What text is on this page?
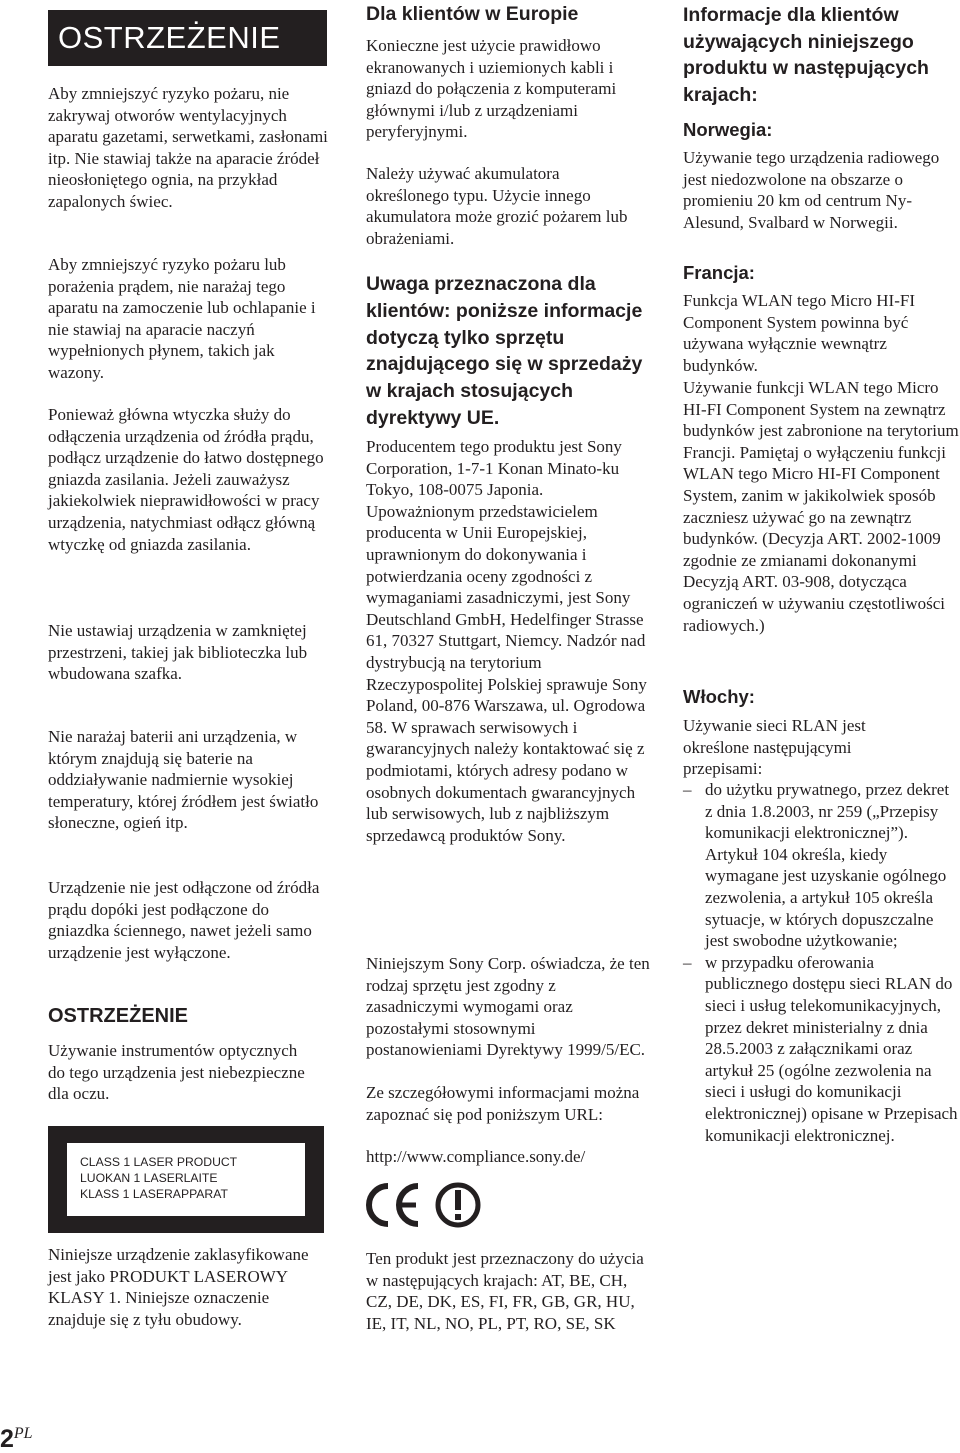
OSTRZEŻENIE

Aby zmniejszyć ryzyko pożaru, nie zakrywaj otworów wentylacyjnych aparatu gazetami, serwetkami, zasłonami itp. Nie stawiaj także na aparacie źródeł nieosłoniętego ognia, na przykład zapalonych świec.

Aby zmniejszyć ryzyko pożaru lub porażenia prądem, nie narażaj tego aparatu na zamoczenie lub ochlapanie i nie stawiaj na aparacie naczyń wypełnionych płynem, takich jak wazony.

Ponieważ główna wtyczka służy do odłączenia urządzenia od źródła prądu, podłącz urządzenie do łatwo dostępnego gniazda zasilania. Jeżeli zauważysz jakiekolwiek nieprawidłowości w pracy urządzenia, natychmiast odłącz główną wtyczkę od gniazda zasilania.

Nie ustawiaj urządzenia w zamkniętej przestrzeni, takiej jak biblioteczka lub wbudowana szafka.

Nie narażaj baterii ani urządzenia, w którym znajdują się baterie na oddziaływanie nadmiernie wysokiej temperatury, której źródłem jest światło słoneczne, ogień itp.

Urządzenie nie jest odłączone od źródła prądu dopóki jest podłączone do gniazdka ściennego, nawet jeżeli samo urządzenie jest wyłączone.

OSTRZEŻENIE

Używanie instrumentów optycznych do tego urządzenia jest niebezpieczne dla oczu.

Niniejsze urządzenie zaklasyfikowane jest jako PRODUKT LASEROWY KLASY 1. Niniejsze oznaczenie znajduje się z tyłu obudowy.

CLASS 1 LASER PRODUCT
LUOKAN 1 LASERLAITE
KLASS 1 LASERAPPARAT
Dla klientów w Europie

Konieczne jest użycie prawidłowo ekranowanych i uziemionych kabli i gniazd do połączenia z komputerami głównymi i/lub z urządzeniami peryferyjnymi.

Należy używać akumulatora określonego typu. Użycie innego akumulatora może grozić pożarem lub obrażeniami.

Uwaga przeznaczona dla klientów: poniższe informacje dotyczą tylko sprzętu znajdującego się w sprzedaży w krajach stosujących dyrektywy UE.

Producentem tego produktu jest Sony Corporation, 1-7-1 Konan Minato-ku Tokyo, 108-0075 Japonia. Upoważnionym przedstawicielem producenta w Unii Europejskiej, uprawnionym do dokonywania i potwierdzania oceny zgodności z wymaganiami zasadniczymi, jest Sony Deutschland GmbH, Hedelfinger Strasse 61, 70327 Stuttgart, Niemcy. Nadzór nad dystrybucją na terytorium Rzeczypospolitej Polskiej sprawuje Sony Poland, 00-876 Warszawa, ul. Ogrodowa 58. W sprawach serwisowych i gwarancyjnych należy kontaktować się z podmiotami, których adresy podano w osobnych dokumentach gwarancyjnych lub serwisowych, lub z najbliższym sprzedawcą produktów Sony.

Niniejszym Sony Corp. oświadcza, że ten rodzaj sprzętu jest zgodny z zasadniczymi wymogami oraz pozostałymi stosownymi postanowieniami Dyrektywy 1999/5/EC.

Ze szczegółowymi informacjami można zapoznać się pod poniższym URL:

http://www.compliance.sony.de/

Ten produkt jest przeznaczony do użycia w następujących krajach: AT, BE, CH, CZ, DE, DK, ES, FI, FR, GB, GR, HU, IE, IT, NL, NO, PL, PT, RO, SE, SK

Informacje dla klientów używających niniejszego produktu w następujących krajach:
Norwegia:

Używanie tego urządzenia radiowego jest niedozwolone na obszarze o promieniu 20 km od centrum Ny-Alesund, Svalbard w Norwegii.

Francja:

Funkcja WLAN tego Micro HI-FI Component System powinna być używana wyłącznie wewnątrz budynków.

Używanie funkcji WLAN tego Micro HI-FI Component System na zewnątrz budynków jest zabronione na terytorium Francji. Pamiętaj o wyłączeniu funkcji WLAN tego Micro HI-FI Component System, zanim w jakikolwiek sposób zaczniesz używać go na zewnątrz budynków. (Decyzja ART. 2002-1009 zgodnie ze zmianami dokonanymi Decyzją ART. 03-908, dotycząca ograniczeń w używaniu częstotliwości radiowych.)

Włochy:

Używanie sieci RLAN jest określone następującymi przepisami:

– do użytku prywatnego, przez dekret z dnia 1.8.2003, nr 259 („Przepisy komunikacji elektronicznej”). Artykuł 104 określa, kiedy wymagane jest uzyskanie ogólnego zezwolenia, a artykuł 105 określa sytuacje, w których dopuszczalne jest swobodne użytkowanie;
– w przypadku oferowania publicznego dostępu sieci RLAN do sieci i usług telekomunikacyjnych, przez dekret ministerialny z dnia 28.5.2003 z załącznikami oraz artykuł 25 (ogólne zezwolenia na sieci i usługi do komunikacji elektronicznej) opisane w Przepisach komunikacji elektronicznej.
$2^{PL}$
